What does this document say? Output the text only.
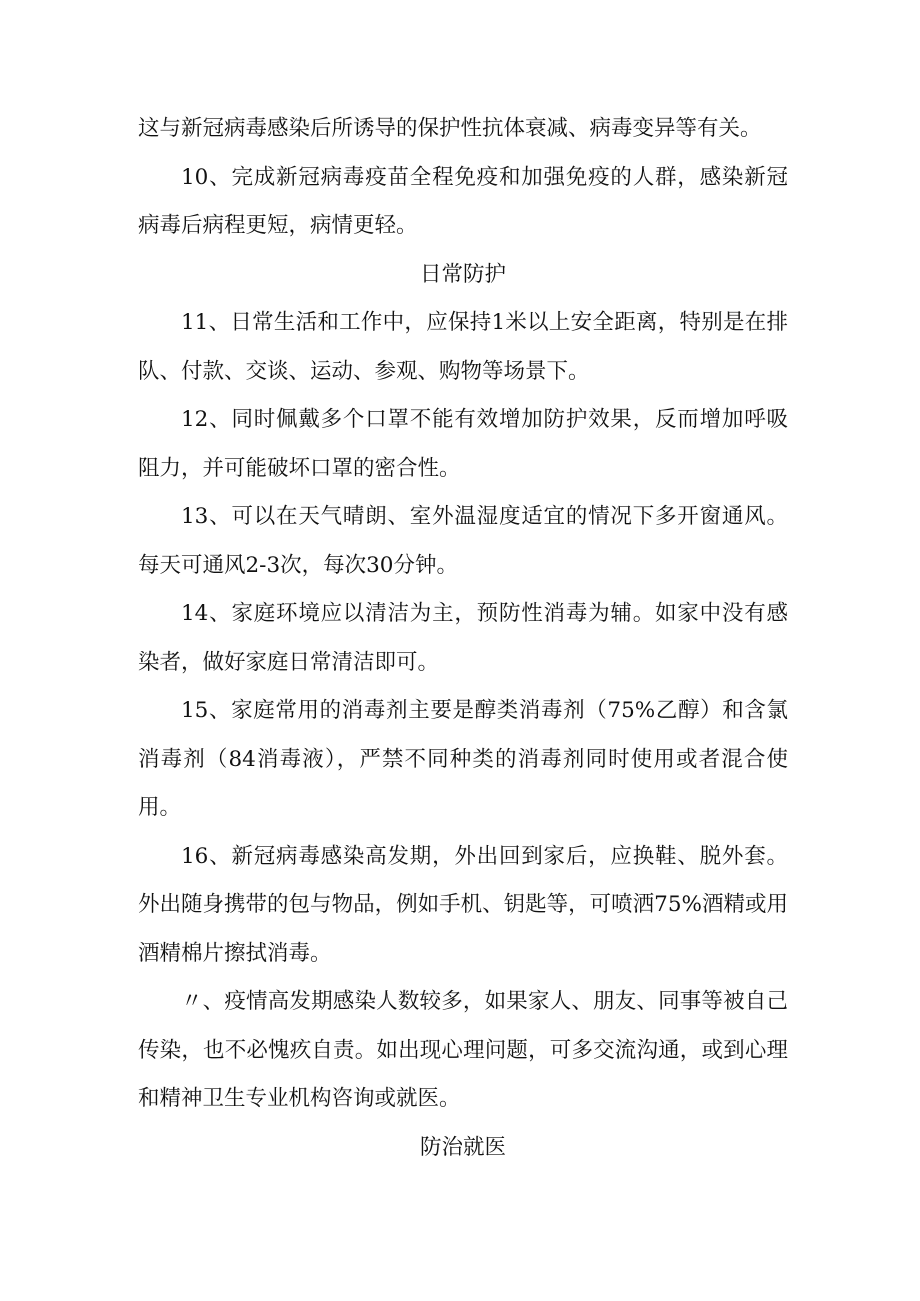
这与新冠病毒感染后所诱导的保护性抗体衰减、病毒变异等有关。

10、完成新冠病毒疫苗全程免疫和加强免疫的人群，感染新冠病毒后病程更短，病情更轻。

日常防护

11、日常生活和工作中，应保持1米以上安全距离，特别是在排队、付款、交谈、运动、参观、购物等场景下。

12、同时佩戴多个口罩不能有效增加防护效果，反而增加呼吸阻力，并可能破坏口罩的密合性。

13、可以在天气晴朗、室外温湿度适宜的情况下多开窗通风。每天可通风2-3次，每次30分钟。

14、家庭环境应以清洁为主，预防性消毒为辅。如家中没有感染者，做好家庭日常清洁即可。

15、家庭常用的消毒剂主要是醇类消毒剂（75%乙醇）和含氯消毒剂（84消毒液），严禁不同种类的消毒剂同时使用或者混合使用。

16、新冠病毒感染高发期，外出回到家后，应换鞋、脱外套。外出随身携带的包与物品，例如手机、钥匙等，可喷洒75%酒精或用酒精棉片擦拭消毒。

〃、疫情高发期感染人数较多，如果家人、朋友、同事等被自己传染，也不必愧疚自责。如出现心理问题，可多交流沟通，或到心理和精神卫生专业机构咨询或就医。

防治就医
